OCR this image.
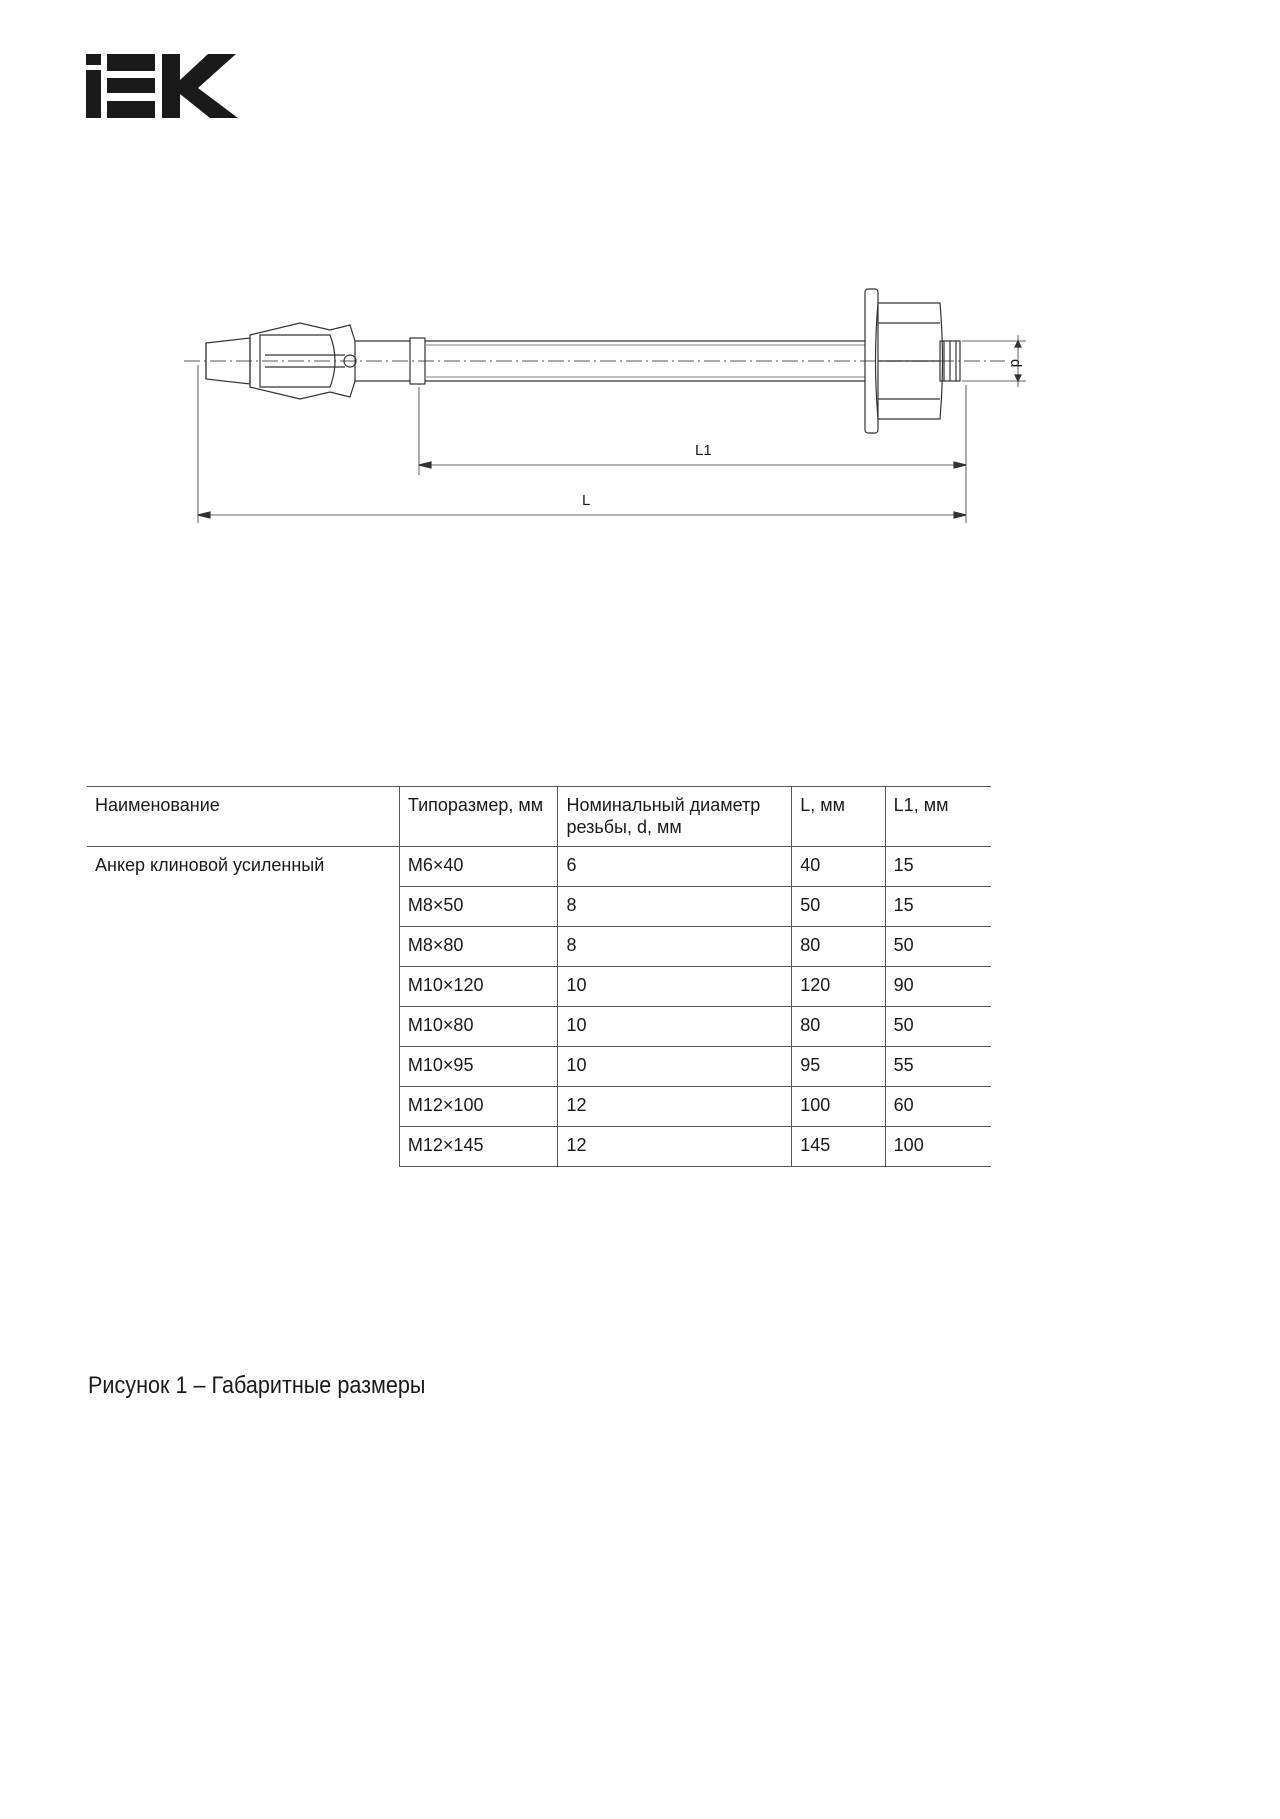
L1
L
d
Наименование	Типоразмер, мм	Номинальный диаметр резьбы, d, мм	L, мм	L1, мм
Анкер клиновой усиленный	M6×40	6	40	15
	M8×50	8	50	15
	M8×80	8	80	50
	M10×120	10	120	90
	M10×80	10	80	50
	M10×95	10	95	55
	M12×100	12	100	60
	M12×145	12	145	100
Рисунок 1 – Габаритные размеры
